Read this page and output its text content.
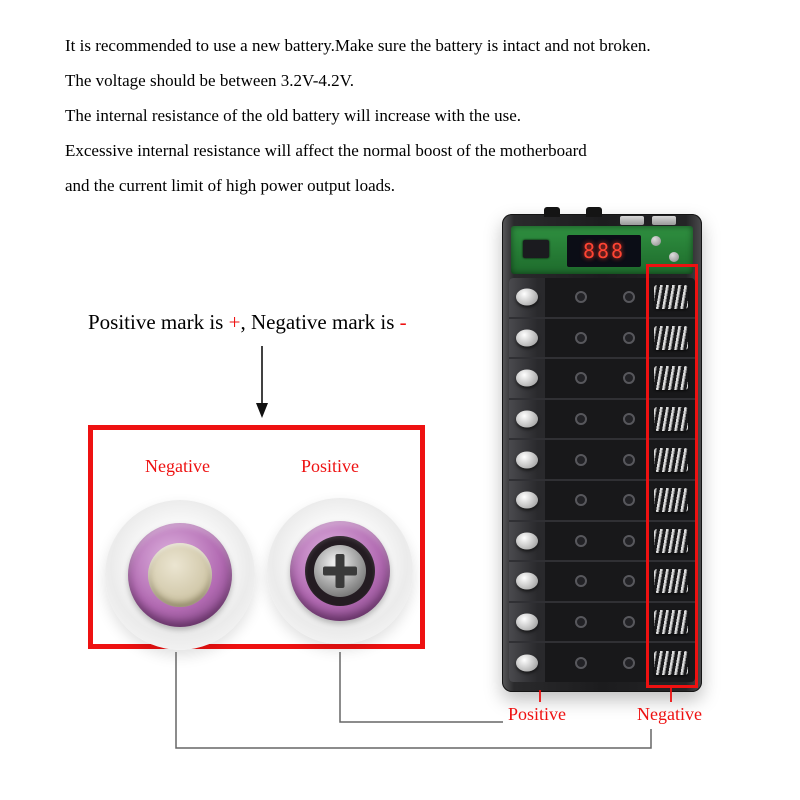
It is recommended to use a new battery.Make sure the battery is intact and not broken.

The voltage should be between 3.2V-4.2V.

The internal resistance of the old battery will increase with the use.

Excessive internal resistance will affect the normal boost of the motherboard

and the current limit of high power output loads.

Positive mark is +, Negative mark is -
Negative	Positive
888
Positive	Negative
